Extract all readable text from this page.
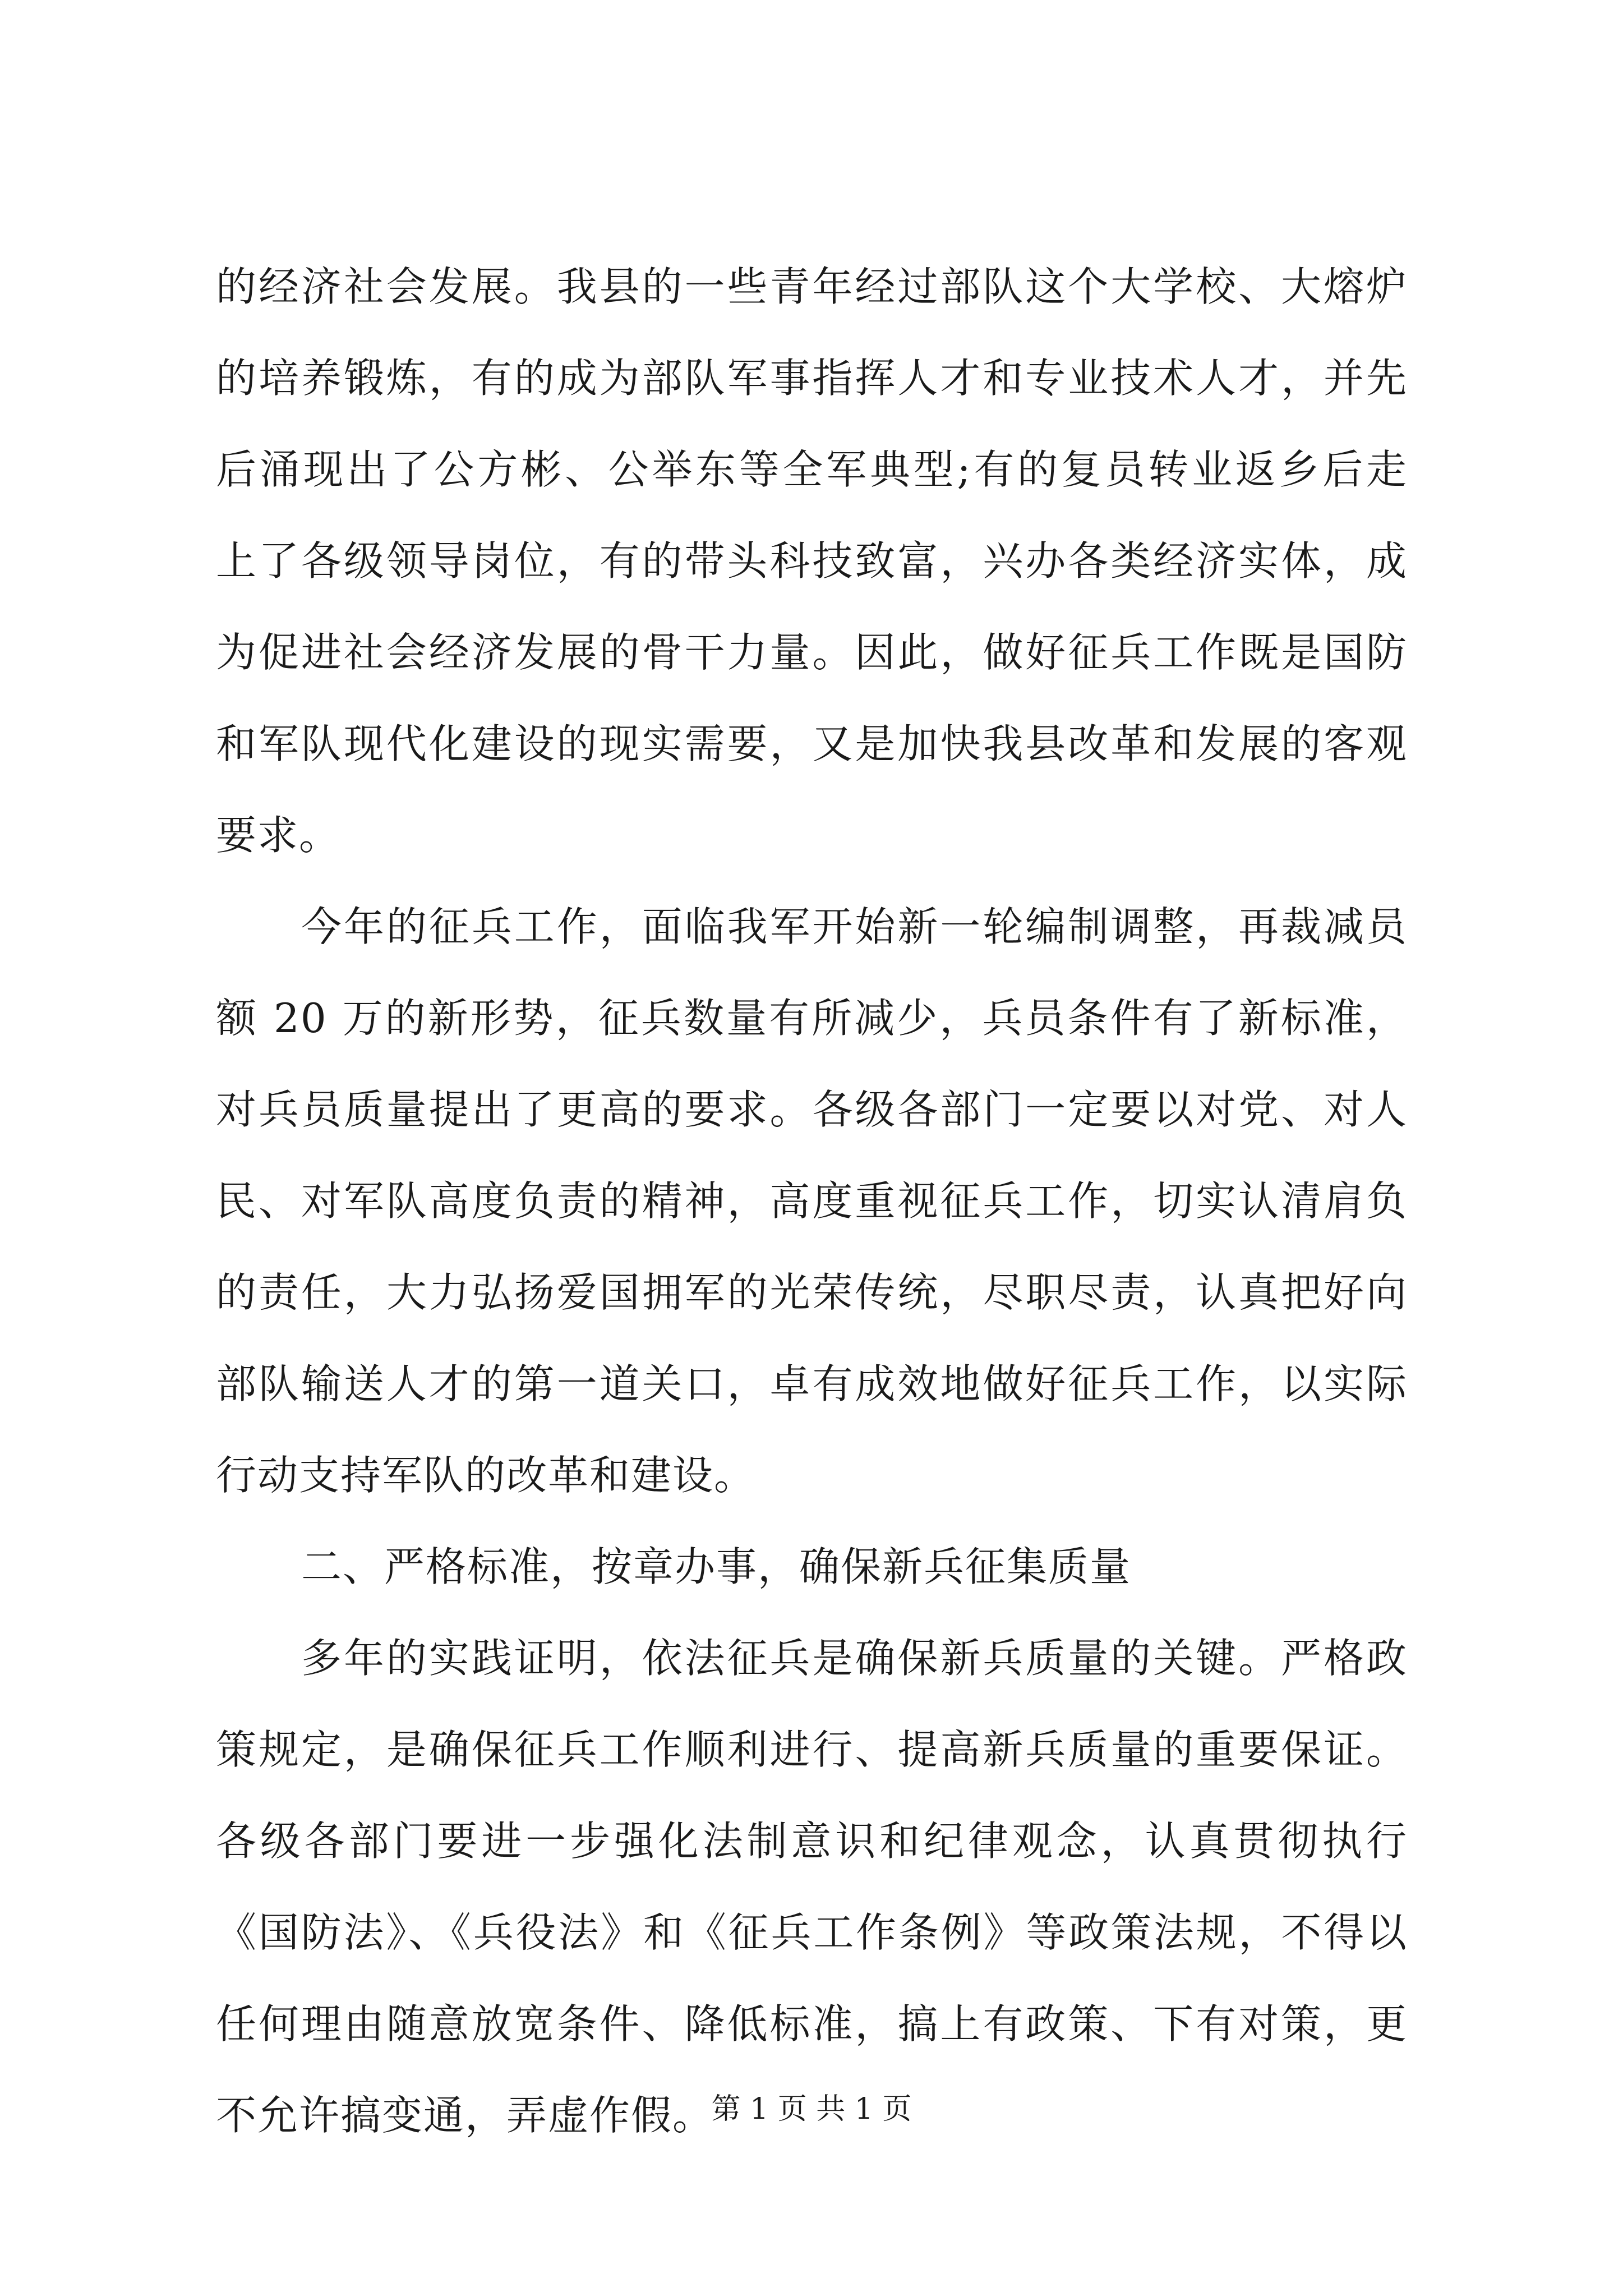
的经济社会发展。我县的一些青年经过部队这个大学校、大熔炉
的培养锻炼，有的成为部队军事指挥人才和专业技术人才，并先
后涌现出了公方彬、公举东等全军典型;有的复员转业返乡后走
上了各级领导岗位，有的带头科技致富，兴办各类经济实体，成
为促进社会经济发展的骨干力量。因此，做好征兵工作既是国防
和军队现代化建设的现实需要，又是加快我县改革和发展的客观
要求。
今年的征兵工作，面临我军开始新一轮编制调整，再裁减员
额 20 万的新形势，征兵数量有所减少，兵员条件有了新标准，
对兵员质量提出了更高的要求。各级各部门一定要以对党、对人
民、对军队高度负责的精神，高度重视征兵工作，切实认清肩负
的责任，大力弘扬爱国拥军的光荣传统，尽职尽责，认真把好向
部队输送人才的第一道关口，卓有成效地做好征兵工作，以实际
行动支持军队的改革和建设。
二、严格标准，按章办事，确保新兵征集质量
多年的实践证明，依法征兵是确保新兵质量的关键。严格政
策规定，是确保征兵工作顺利进行、提高新兵质量的重要保证。
各级各部门要进一步强化法制意识和纪律观念，认真贯彻执行
《国防法》、《兵役法》和《征兵工作条例》等政策法规，不得以
任何理由随意放宽条件、降低标准，搞上有政策、下有对策，更
不允许搞变通，弄虚作假。
第 1 页 共 1 页
